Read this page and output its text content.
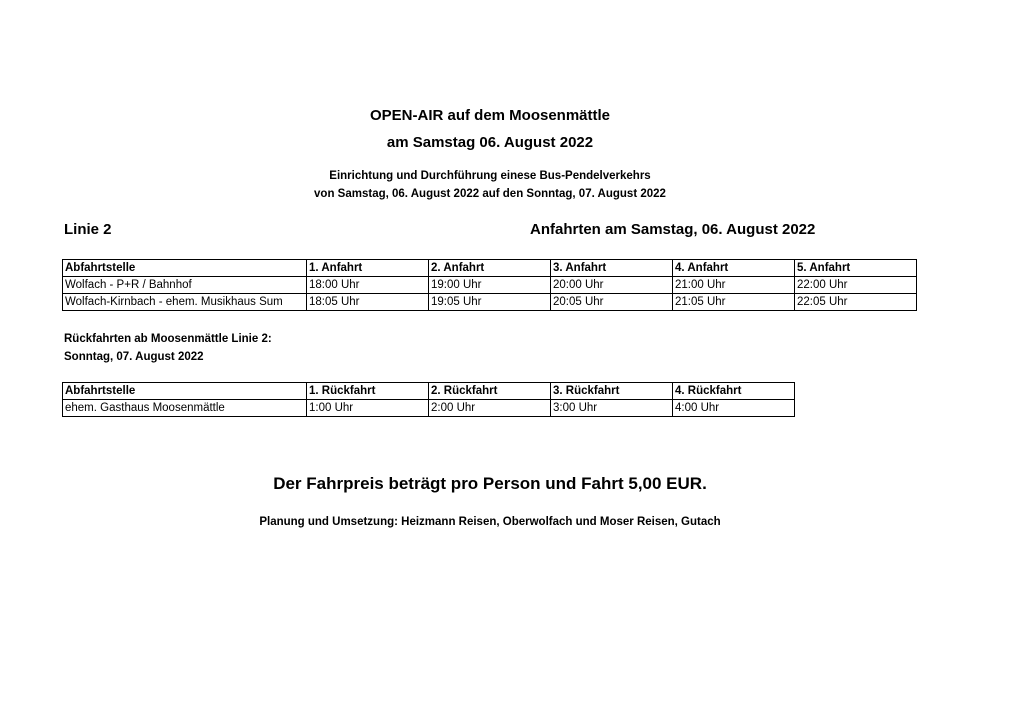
OPEN-AIR auf dem Moosenmättle
am Samstag 06. August 2022
Einrichtung und Durchführung einese Bus-Pendelverkehrs
von Samstag, 06. August 2022 auf den Sonntag, 07. August 2022
Linie 2	Anfahrten am Samstag, 06. August 2022
Abfahrtstelle	1. Anfahrt	2. Anfahrt	3. Anfahrt	4. Anfahrt	5. Anfahrt
Wolfach - P+R / Bahnhof	18:00 Uhr	19:00 Uhr	20:00 Uhr	21:00 Uhr	22:00 Uhr
Wolfach-Kirnbach - ehem. Musikhaus Sum	18:05 Uhr	19:05 Uhr	20:05 Uhr	21:05 Uhr	22:05 Uhr
Rückfahrten ab Moosenmättle Linie 2:
Sonntag, 07. August 2022
Abfahrtstelle	1. Rückfahrt	2. Rückfahrt	3. Rückfahrt	4. Rückfahrt
ehem. Gasthaus Moosenmättle	1:00 Uhr	2:00 Uhr	3:00 Uhr	4:00 Uhr
Der Fahrpreis beträgt pro Person und Fahrt 5,00 EUR.
Planung und Umsetzung: Heizmann Reisen, Oberwolfach und Moser Reisen, Gutach
